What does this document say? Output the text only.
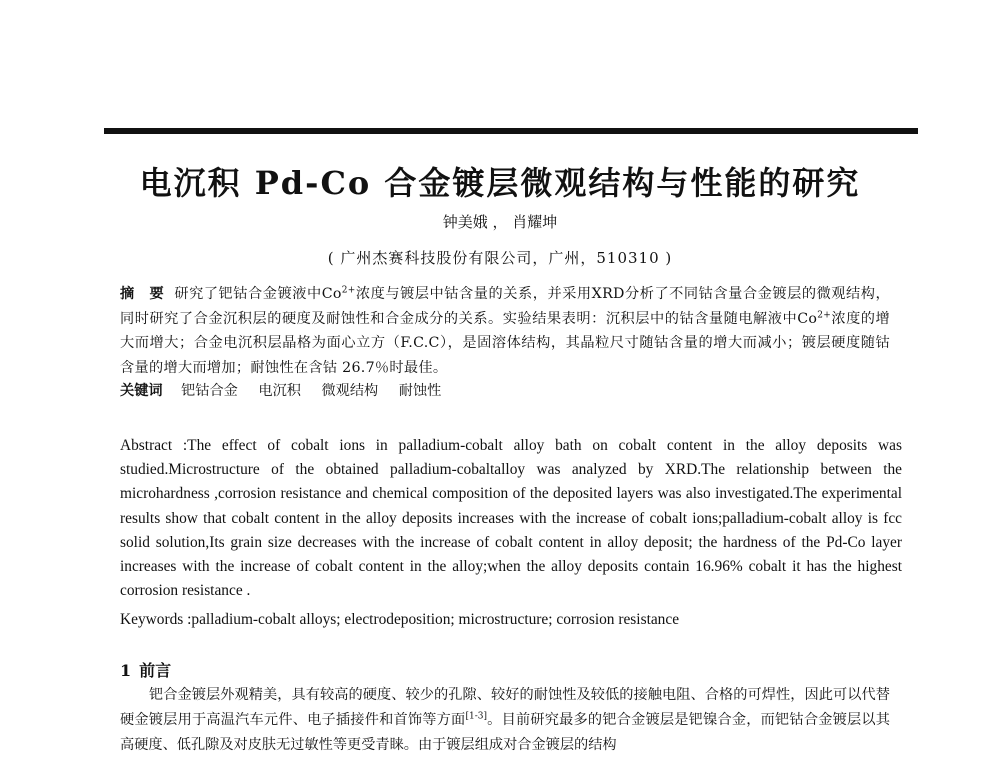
电沉积 Pd-Co 合金镀层微观结构与性能的研究
钟美娥 ， 肖耀坤
( 广州杰赛科技股份有限公司，广州，510310 )
摘　要 研究了钯钴合金镀液中$Co^{2+}$浓度与镀层中钴含量的关系，并采用XRD分析了不同钴含量合金镀层的微观结构，同时研究了合金沉积层的硬度及耐蚀性和合金成分的关系。实验结果表明：沉积层中的钴含量随电解液中$Co^{2+}$浓度的增大而增大；合金电沉积层晶格为面心立方（F.C.C），是固溶体结构，其晶粒尺寸随钴含量的增大而减小；镀层硬度随钴含量的增大而增加；耐蚀性在含钴 26.7％时最佳。
关键词 钯钴合金 电沉积 微观结构 耐蚀性
Abstract :The effect of cobalt ions in palladium-cobalt alloy bath on cobalt content in the alloy deposits was studied.Microstructure of the obtained palladium-cobaltalloy was analyzed by XRD.The relationship between the microhardness ,corrosion resistance and chemical composition of the deposited layers was also investigated.The experimental results show that cobalt content in the alloy deposits increases with the increase of cobalt ions;palladium-cobalt alloy is fcc solid solution,Its grain size decreases with the increase of cobalt content in alloy deposit; the hardness of the Pd-Co layer increases with the increase of cobalt content in the alloy;when the alloy deposits contain 16.96% cobalt it has the highest corrosion resistance .
Keywords :palladium-cobalt alloys; electrodeposition; microstructure; corrosion resistance
1 前言
钯合金镀层外观精美，具有较高的硬度、较少的孔隙、较好的耐蚀性及较低的接触电阻、合格的可焊性，因此可以代替硬金镀层用于高温汽车元件、电子插接件和首饰等方面[1-3]。目前研究最多的钯合金镀层是钯镍合金，而钯钴合金镀层以其高硬度、低孔隙及对皮肤无过敏性等更受青睐。由于镀层组成对合金镀层的结构
